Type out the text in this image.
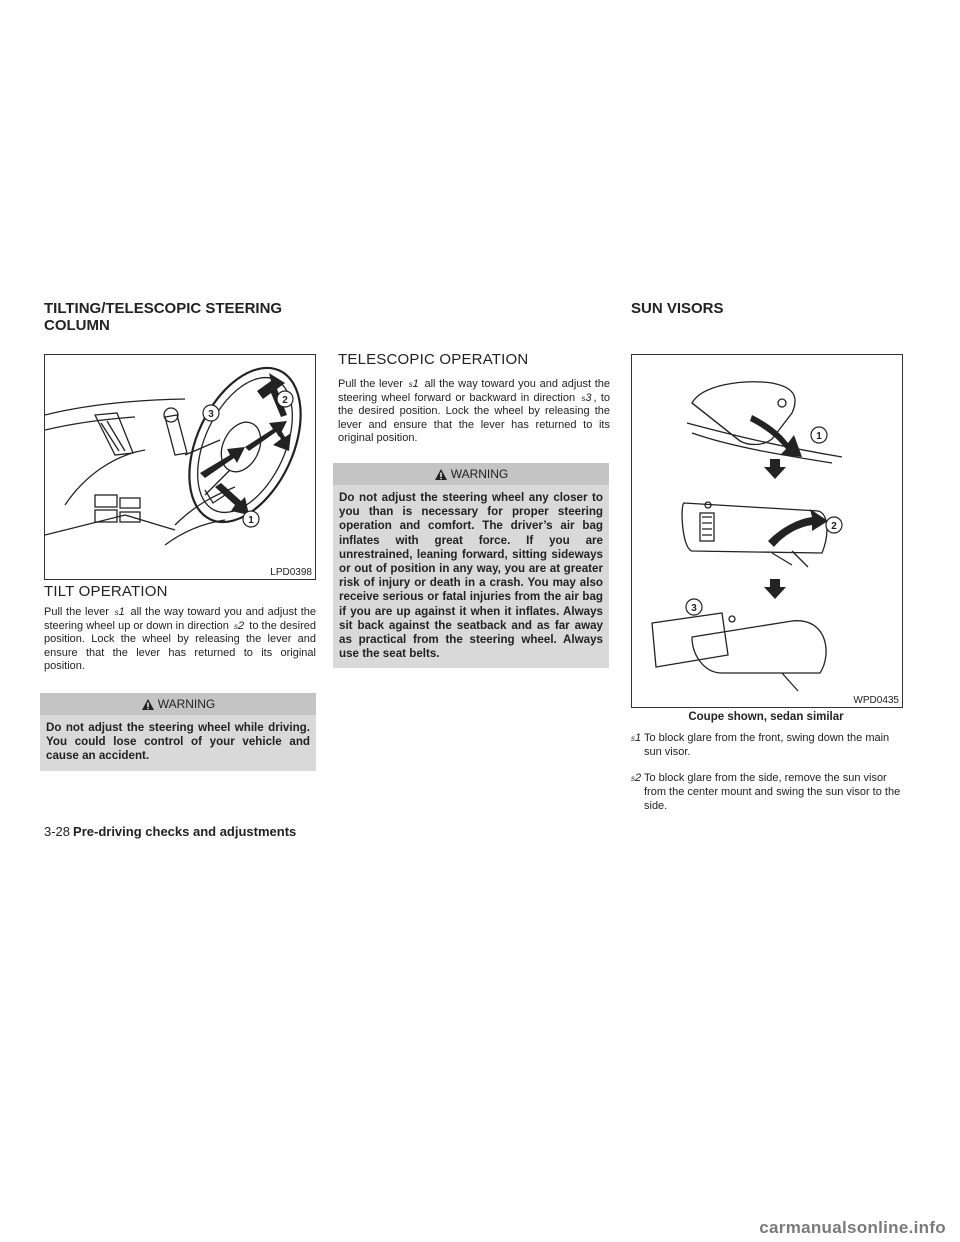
TILTING/TELESCOPIC STEERING
COLUMN
SUN VISORS
3
2
1
LPD0398
TILT OPERATION
Pull the lever s1 all the way toward you and adjust the steering wheel up or down in direction s2 to the desired position. Lock the wheel by releasing the lever and ensure that the lever has returned to its original position.
WARNING
Do not adjust the steering wheel while driving. You could lose control of your vehicle and cause an accident.
TELESCOPIC OPERATION
Pull the lever s1 all the way toward you and adjust the steering wheel forward or backward in direction s3 , to the desired position. Lock the wheel by releasing the lever and ensure that the lever has returned to its original position.
WARNING
Do not adjust the steering wheel any closer to you than is necessary for proper steering operation and comfort. The driver’s air bag inflates with great force. If you are unrestrained, leaning forward, sitting sideways or out of position in any way, you are at greater risk of injury or death in a crash. You may also receive serious or fatal injuries from the air bag if you are up against it when it inflates. Always sit back against the seatback and as far away as practical from the steering wheel. Always use the seat belts.
1
2
3
WPD0435
Coupe shown, sedan similar
s1 To block glare from the front, swing down the main sun visor.
s2 To block glare from the side, remove the sun visor from the center mount and swing the sun visor to the side.
3-28 Pre-driving checks and adjustments
carmanualsonline.info
